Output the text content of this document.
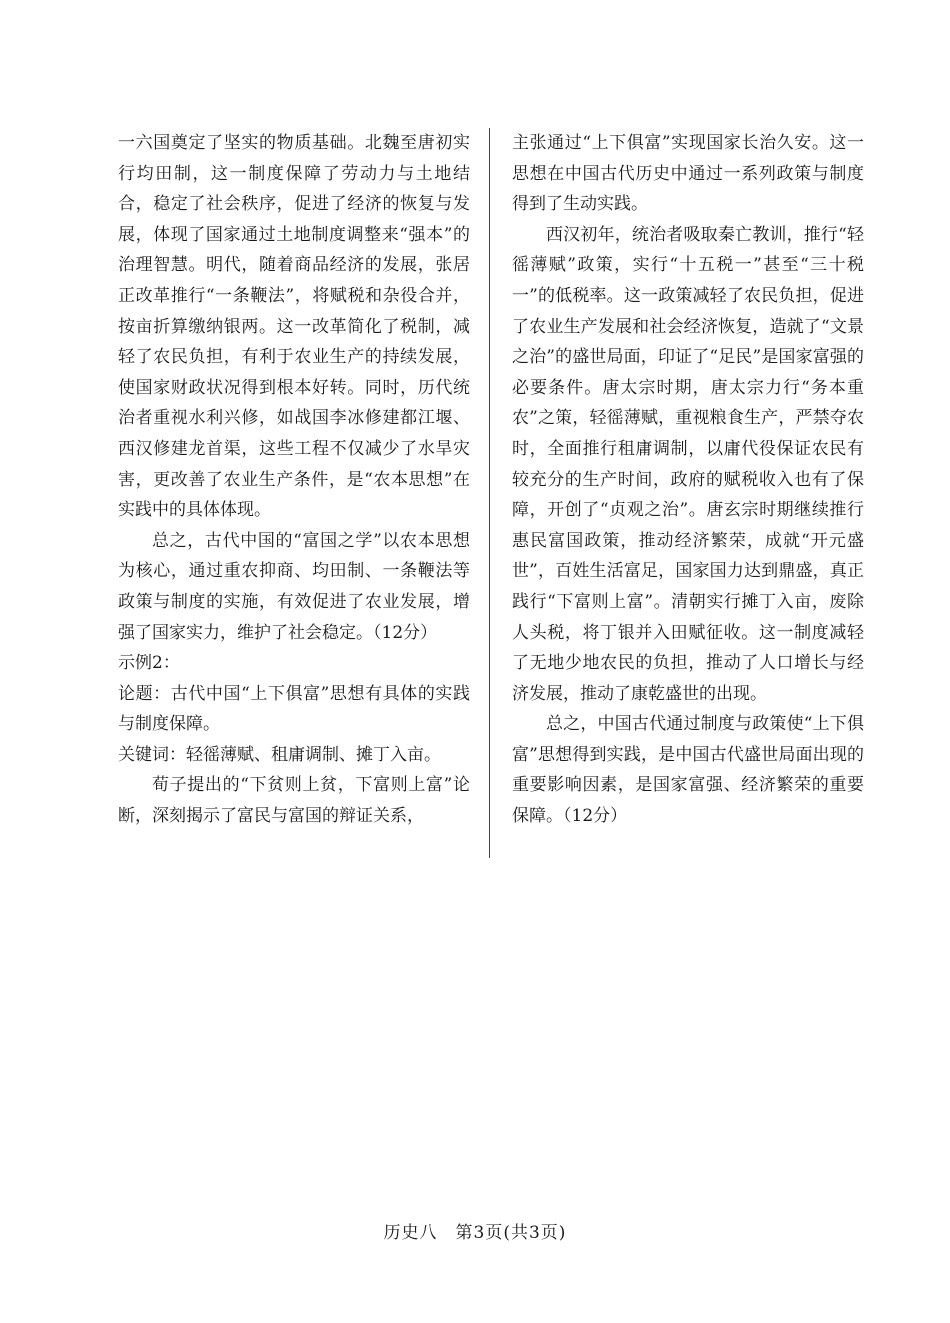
一六国奠定了坚实的物质基础。北魏至唐初实行均田制，这一制度保障了劳动力与土地结合，稳定了社会秩序，促进了经济的恢复与发展，体现了国家通过土地制度调整来“强本”的治理智慧。明代，随着商品经济的发展，张居正改革推行“一条鞭法”，将赋税和杂役合并，按亩折算缴纳银两。这一改革简化了税制，减轻了农民负担，有利于农业生产的持续发展，使国家财政状况得到根本好转。同时，历代统治者重视水利兴修，如战国李冰修建都江堰、西汉修建龙首渠，这些工程不仅减少了水旱灾害，更改善了农业生产条件，是“农本思想”在实践中的具体体现。

总之，古代中国的“富国之学”以农本思想为核心，通过重农抑商、均田制、一条鞭法等政策与制度的实施，有效促进了农业发展，增强了国家实力，维护了社会稳定。（12分）

示例2：

论题：古代中国“上下俱富”思想有具体的实践与制度保障。

关键词：轻徭薄赋、租庸调制、摊丁入亩。

荀子提出的“下贫则上贫，下富则上富”论断，深刻揭示了富民与富国的辩证关系，

主张通过“上下俱富”实现国家长治久安。这一思想在中国古代历史中通过一系列政策与制度得到了生动实践。

西汉初年，统治者吸取秦亡教训，推行“轻徭薄赋”政策，实行“十五税一”甚至“三十税一”的低税率。这一政策减轻了农民负担，促进了农业生产发展和社会经济恢复，造就了“文景之治”的盛世局面，印证了“足民”是国家富强的必要条件。唐太宗时期，唐太宗力行“务本重农”之策，轻徭薄赋，重视粮食生产，严禁夺农时，全面推行租庸调制，以庸代役保证农民有较充分的生产时间，政府的赋税收入也有了保障，开创了“贞观之治”。唐玄宗时期继续推行惠民富国政策，推动经济繁荣，成就“开元盛世”，百姓生活富足，国家国力达到鼎盛，真正践行“下富则上富”。清朝实行摊丁入亩，废除人头税，将丁银并入田赋征收。这一制度减轻了无地少地农民的负担，推动了人口增长与经济发展，推动了康乾盛世的出现。

总之，中国古代通过制度与政策使“上下俱富”思想得到实践，是中国古代盛世局面出现的重要影响因素，是国家富强、经济繁荣的重要保障。（12分）

历史八　第3页(共3页)
